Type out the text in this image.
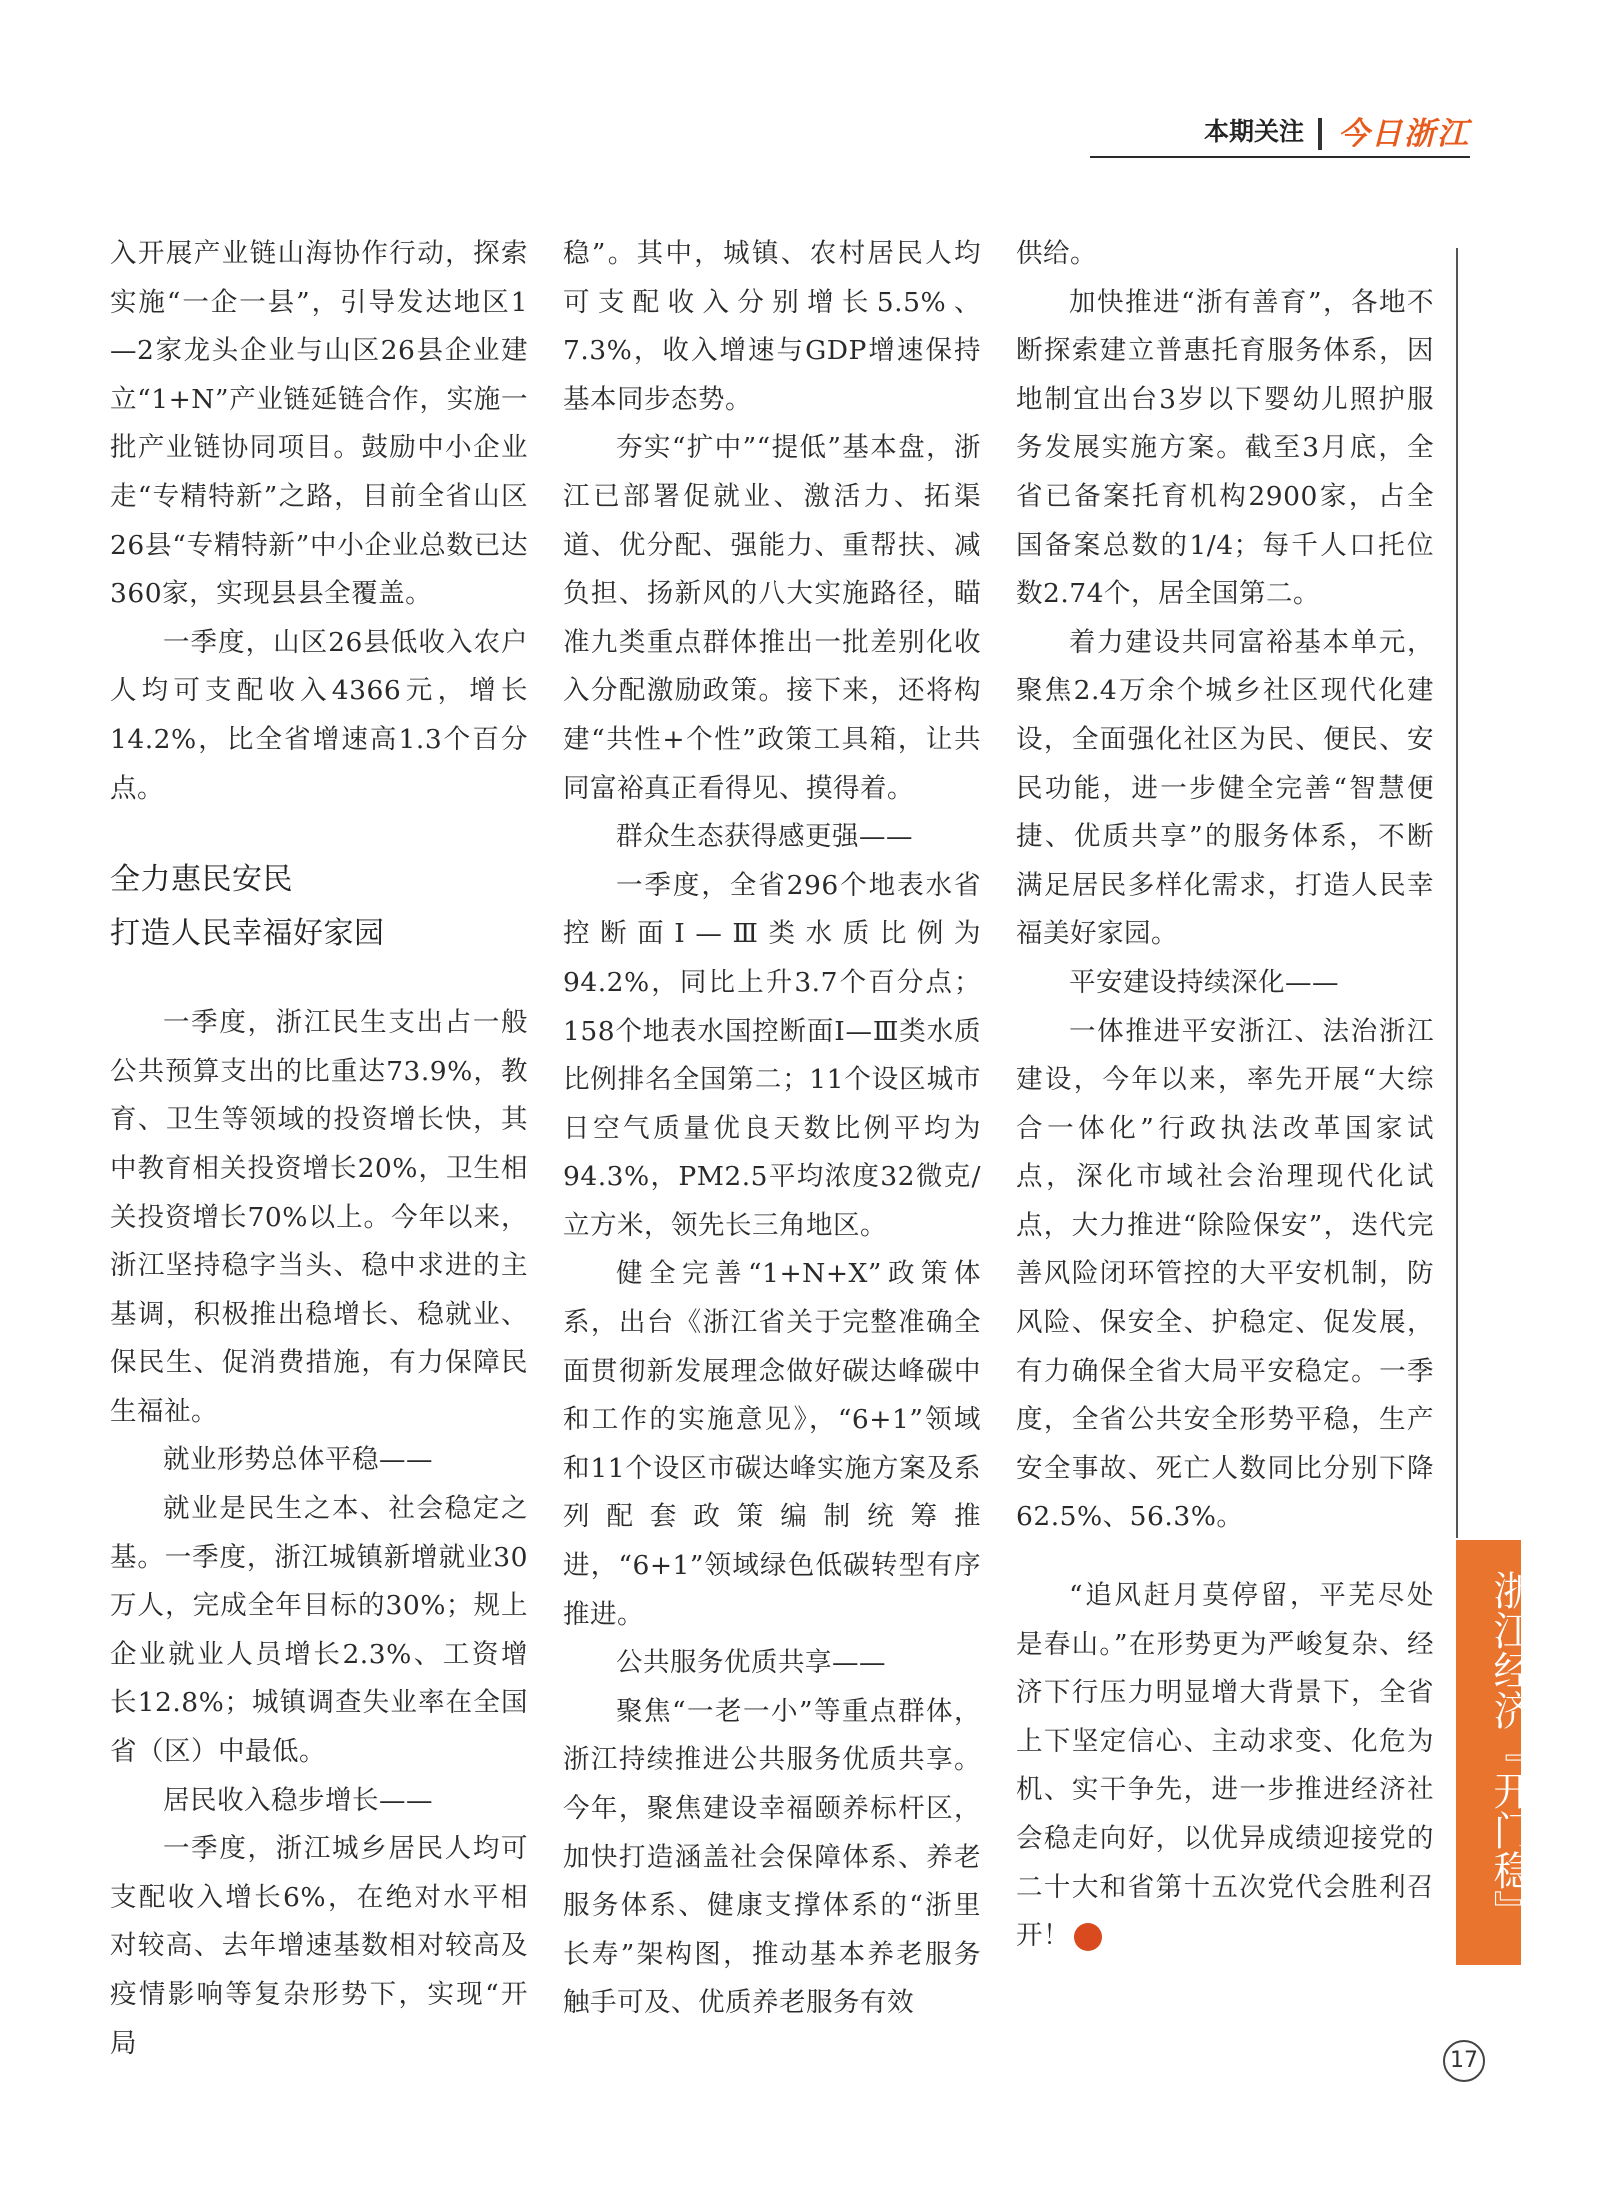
本期关注 今日浙江

入开展产业链山海协作行动，探索实施“一企一县”，引导发达地区1—2家龙头企业与山区26县企业建立“1+N”产业链延链合作，实施一批产业链协同项目。鼓励中小企业走“专精特新”之路，目前全省山区26县“专精特新”中小企业总数已达360家，实现县县全覆盖。

一季度，山区26县低收入农户人均可支配收入4366元，增长14.2%，比全省增速高1.3个百分点。

全力惠民安民

打造人民幸福好家园

一季度，浙江民生支出占一般公共预算支出的比重达73.9%，教育、卫生等领域的投资增长快，其中教育相关投资增长20%，卫生相关投资增长70%以上。今年以来，浙江坚持稳字当头、稳中求进的主基调，积极推出稳增长、稳就业、保民生、促消费措施，有力保障民生福祉。

就业形势总体平稳——

就业是民生之本、社会稳定之基。一季度，浙江城镇新增就业30万人，完成全年目标的30%；规上企业就业人员增长2.3%、工资增长12.8%；城镇调查失业率在全国省（区）中最低。

居民收入稳步增长——

一季度，浙江城乡居民人均可支配收入增长6%，在绝对水平相对较高、去年增速基数相对较高及疫情影响等复杂形势下，实现“开局

稳”。其中，城镇、农村居民人均可支配收入分别增长5.5%、7.3%，收入增速与GDP增速保持基本同步态势。

夯实“扩中”“提低”基本盘，浙江已部署促就业、激活力、拓渠道、优分配、强能力、重帮扶、减负担、扬新风的八大实施路径，瞄准九类重点群体推出一批差别化收入分配激励政策。接下来，还将构建“共性+个性”政策工具箱，让共同富裕真正看得见、摸得着。

群众生态获得感更强——

一季度，全省296个地表水省控断面Ⅰ—Ⅲ类水质比例为94.2%，同比上升3.7个百分点；158个地表水国控断面Ⅰ—Ⅲ类水质比例排名全国第二；11个设区城市日空气质量优良天数比例平均为94.3%，PM2.5平均浓度32微克/立方米，领先长三角地区。

健全完善“1+N+X”政策体系，出台《浙江省关于完整准确全面贯彻新发展理念做好碳达峰碳中和工作的实施意见》，“6+1”领域和11个设区市碳达峰实施方案及系列配套政策编制统筹推进，“6+1”领域绿色低碳转型有序推进。

公共服务优质共享——

聚焦“一老一小”等重点群体，浙江持续推进公共服务优质共享。今年，聚焦建设幸福颐养标杆区，加快打造涵盖社会保障体系、养老服务体系、健康支撑体系的“浙里长寿”架构图，推动基本养老服务触手可及、优质养老服务有效

供给。

加快推进“浙有善育”，各地不断探索建立普惠托育服务体系，因地制宜出台3岁以下婴幼儿照护服务发展实施方案。截至3月底，全省已备案托育机构2900家，占全国备案总数的1/4；每千人口托位数2.74个，居全国第二。

着力建设共同富裕基本单元，聚焦2.4万余个城乡社区现代化建设，全面强化社区为民、便民、安民功能，进一步健全完善“智慧便捷、优质共享”的服务体系，不断满足居民多样化需求，打造人民幸福美好家园。

平安建设持续深化——

一体推进平安浙江、法治浙江建设，今年以来，率先开展“大综合一体化”行政执法改革国家试点，深化市域社会治理现代化试点，大力推进“除险保安”，迭代完善风险闭环管控的大平安机制，防风险、保安全、护稳定、促发展，有力确保全省大局平安稳定。一季度，全省公共安全形势平稳，生产安全事故、死亡人数同比分别下降62.5%、56.3%。

“追风赶月莫停留，平芜尽处是春山。”在形势更为严峻复杂、经济下行压力明显增大背景下，全省上下坚定信心、主动求变、化危为机、实干争先，进一步推进经济社会稳走向好，以优异成绩迎接党的二十大和省第十五次党代会胜利召开！	今

浙江经济『开门稳』
17
